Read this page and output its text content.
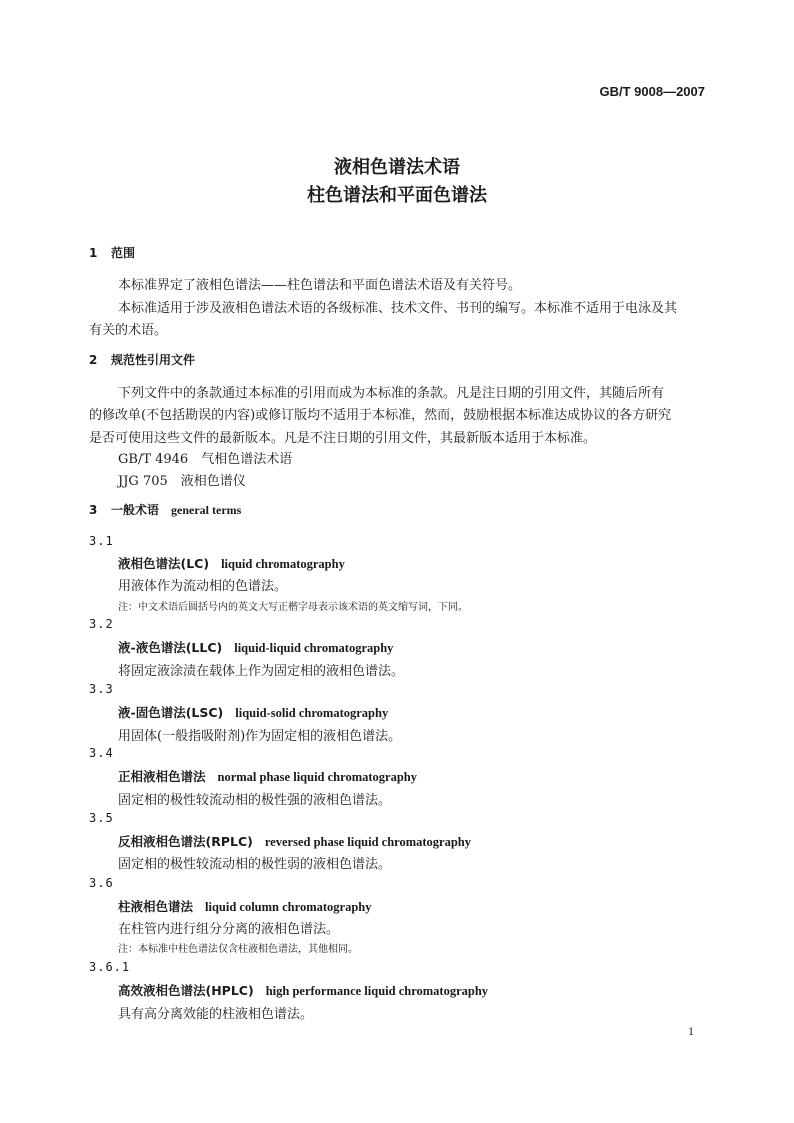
GB/T 9008—2007
液相色谱法术语
柱色谱法和平面色谱法
1 范围
本标准界定了液相色谱法——柱色谱法和平面色谱法术语及有关符号。
本标准适用于涉及液相色谱法术语的各级标准、技术文件、书刊的编写。本标准不适用于电泳及其
有关的术语。
2 规范性引用文件
下列文件中的条款通过本标准的引用而成为本标准的条款。凡是注日期的引用文件，其随后所有
的修改单(不包括勘误的内容)或修订版均不适用于本标准，然而，鼓励根据本标准达成协议的各方研究
是否可使用这些文件的最新版本。凡是不注日期的引用文件，其最新版本适用于本标准。
GB/T 4946　气相色谱法术语
JJG 705　液相色谱仪
3 一般术语 general terms
3.1
液相色谱法(LC) liquid chromatography
用液体作为流动相的色谱法。
注：中文术语后圆括号内的英文大写正楷字母表示该术语的英文缩写词，下同。
3.2
液-液色谱法(LLC) liquid-liquid chromatography
将固定液涂渍在载体上作为固定相的液相色谱法。
3.3
液-固色谱法(LSC) liquid-solid chromatography
用固体(一般指吸附剂)作为固定相的液相色谱法。
3.4
正相液相色谱法 normal phase liquid chromatography
固定相的极性较流动相的极性强的液相色谱法。
3.5
反相液相色谱法(RPLC) reversed phase liquid chromatography
固定相的极性较流动相的极性弱的液相色谱法。
3.6
柱液相色谱法 liquid column chromatography
在柱管内进行组分分离的液相色谱法。
注：本标准中柱色谱法仅含柱液相色谱法，其他相同。
3.6.1
高效液相色谱法(HPLC) high performance liquid chromatography
具有高分离效能的柱液相色谱法。
1
